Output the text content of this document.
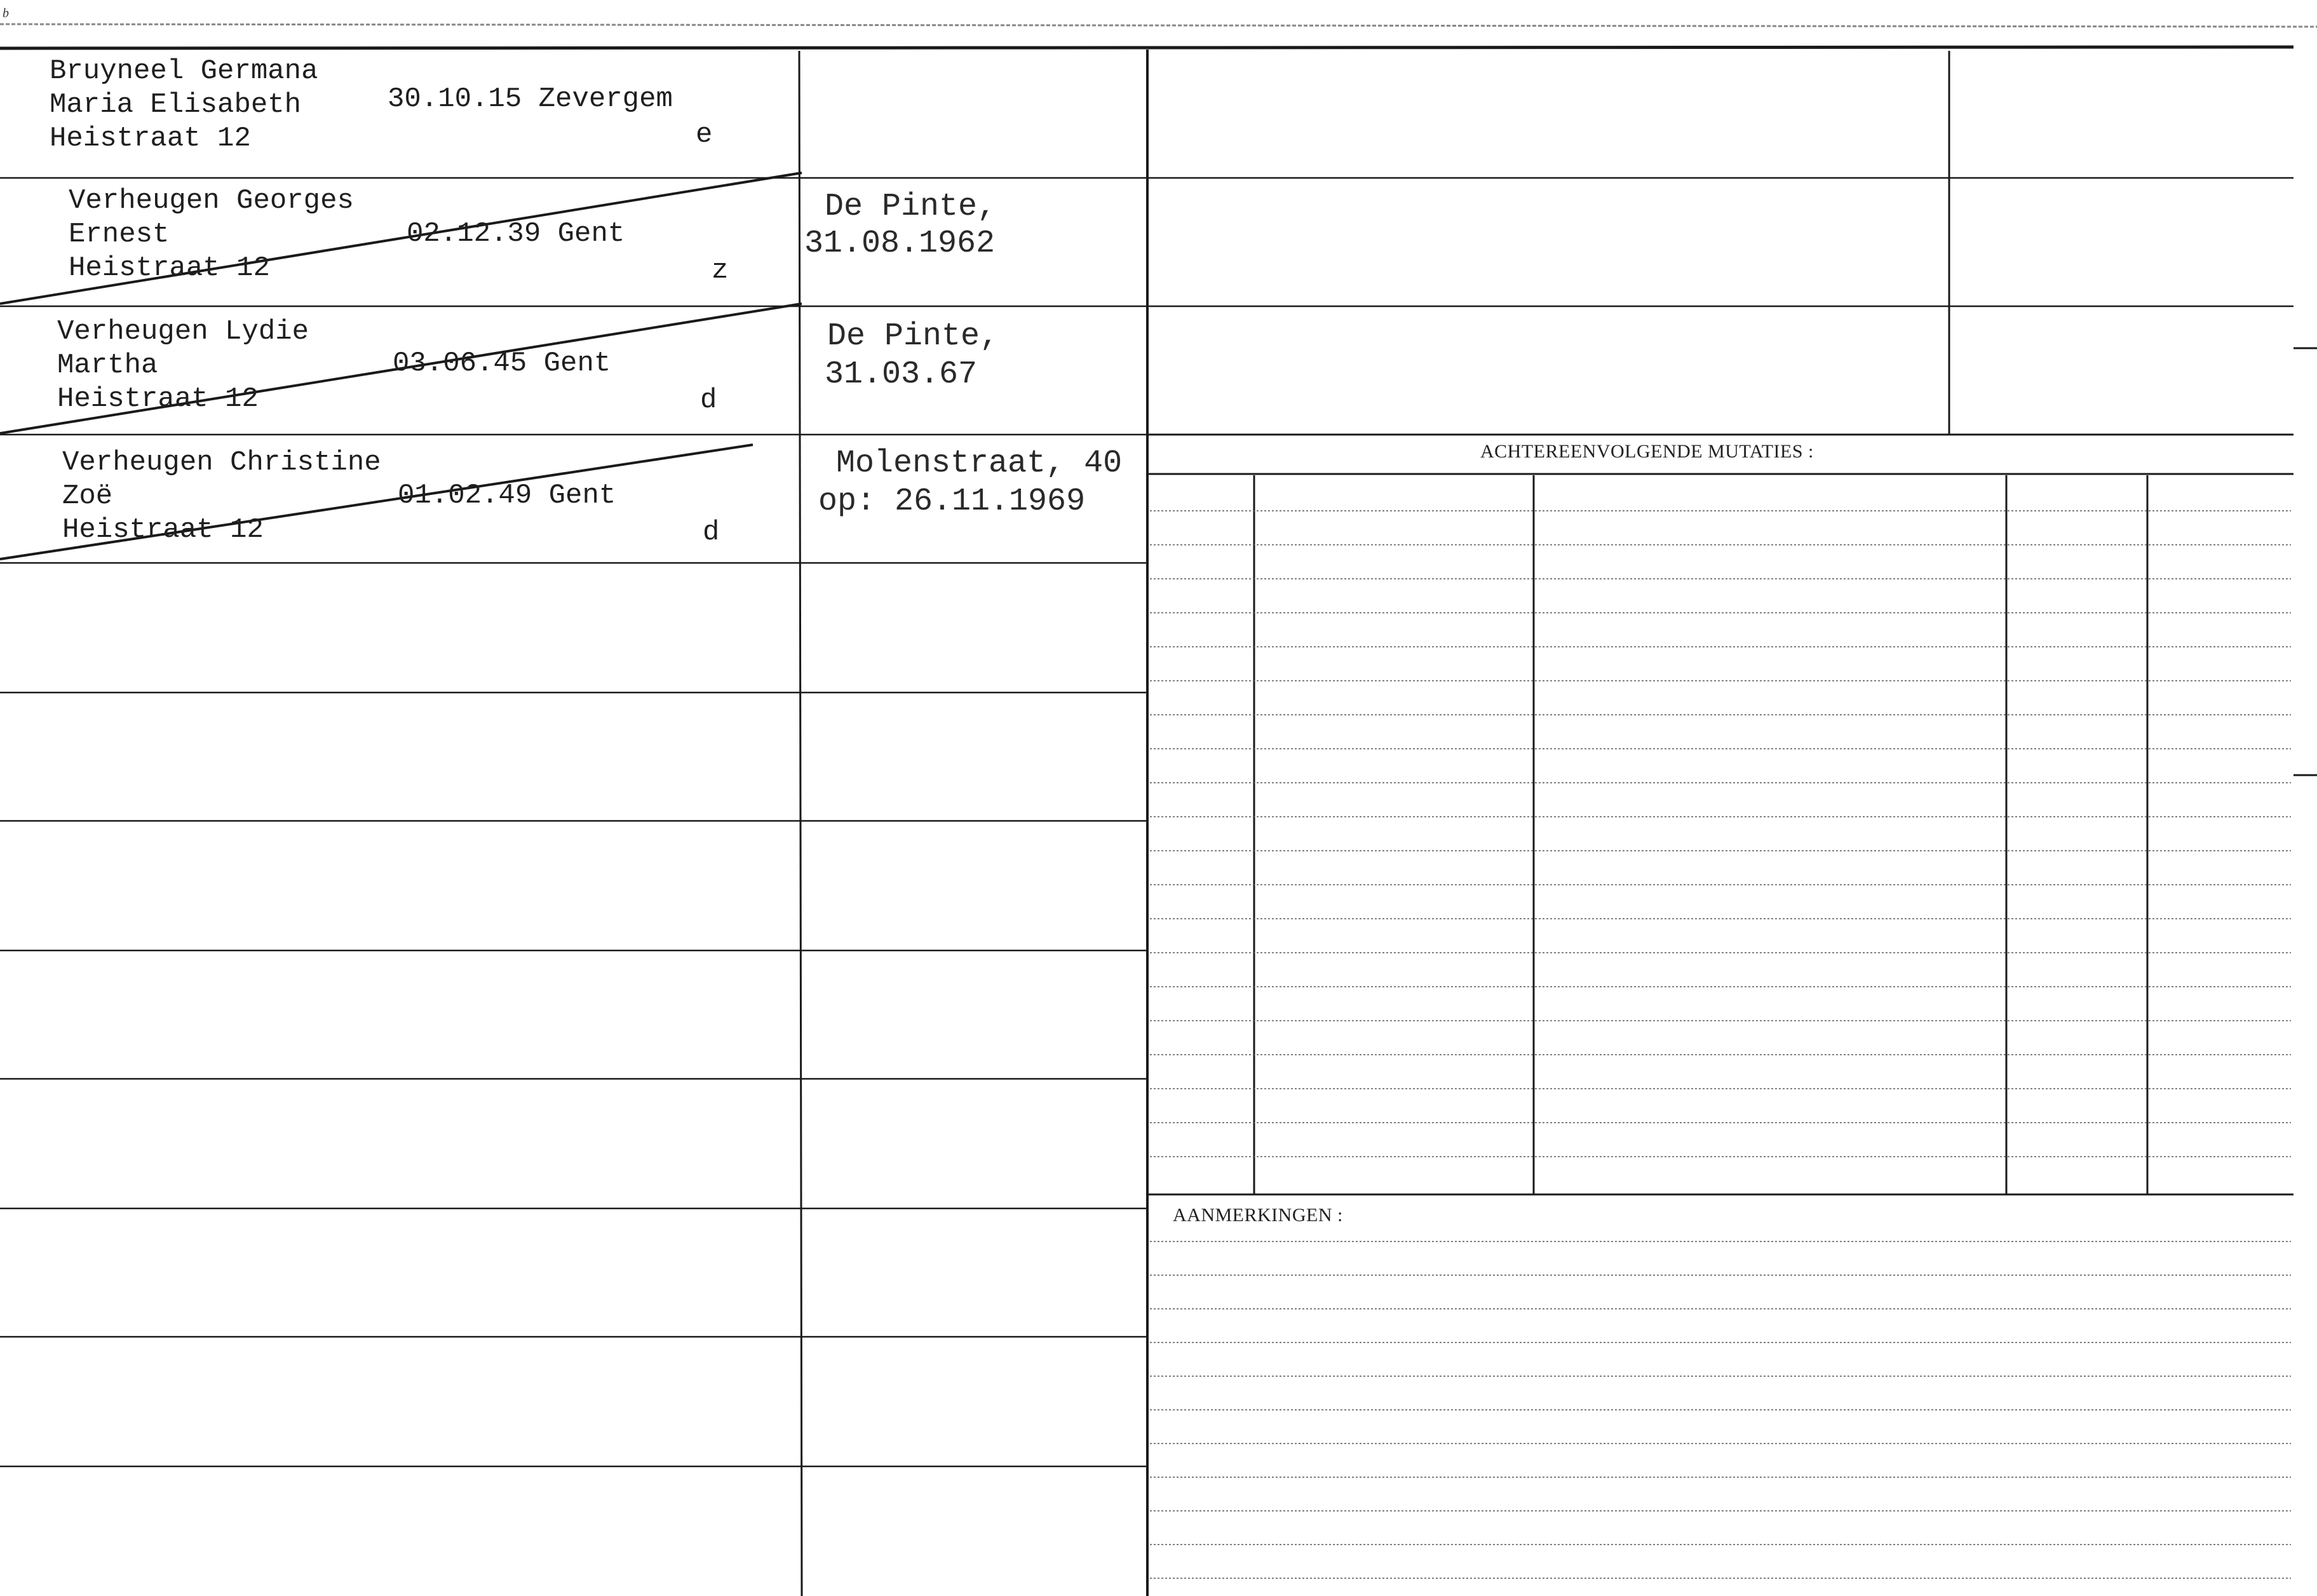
b

Bruyneel Germana

Maria Elisabeth

Heistraat 12

30.10.15 Zevergem

e

Verheugen Georges

Ernest

Heistraat 12

02.12.39 Gent

z

De Pinte,

31.08.1962

Verheugen Lydie

Martha

Heistraat 12

03.06.45 Gent

d

De Pinte,

31.03.67

Verheugen Christine

Zoë

Heistraat 12

01.02.49 Gent

d

Molenstraat, 40

op: 26.11.1969

ACHTEREENVOLGENDE MUTATIES :

AANMERKINGEN :
